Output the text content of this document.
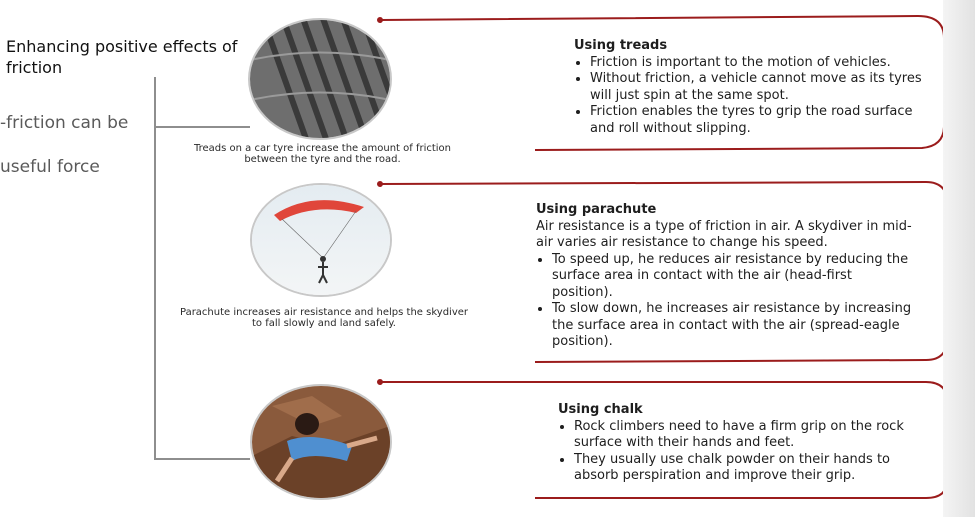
Enhancing positive effects of friction
-friction can be
useful force
Treads on a car tyre increase the amount of friction between the tyre and the road.
Parachute increases air resistance and helps the skydiver to fall slowly and land safely.
Using treads
• Friction is important to the motion of vehicles.
• Without friction, a vehicle cannot move as its tyres will just spin at the same spot.
• Friction enables the tyres to grip the road surface and roll without slipping.
Using parachute

Air resistance is a type of friction in air. A skydiver in mid-air varies air resistance to change his speed.

• To speed up, he reduces air resistance by reducing the surface area in contact with the air (head-first position).
• To slow down, he increases air resistance by increasing the surface area in contact with the air (spread-eagle position).
Using chalk
• Rock climbers need to have a firm grip on the rock surface with their hands and feet.
• They usually use chalk powder on their hands to absorb perspiration and improve their grip.
